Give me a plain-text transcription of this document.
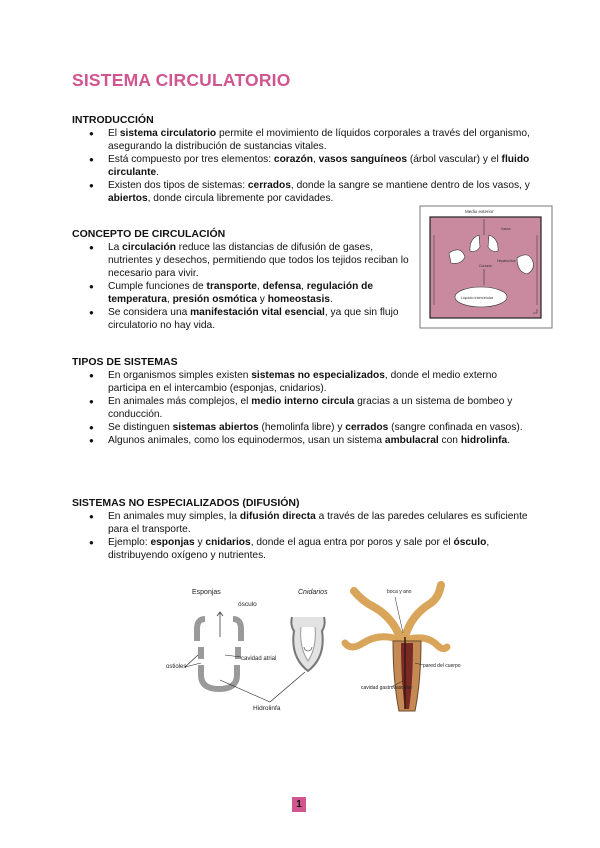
SISTEMA CIRCULATORIO
INTRODUCCIÓN
● El sistema circulatorio permite el movimiento de líquidos corporales a través del organismo, asegurando la distribución de sustancias vitales.
● Está compuesto por tres elementos: corazón, vasos sanguíneos (árbol vascular) y el fluido circulante.
● Existen dos tipos de sistemas: cerrados, donde la sangre se mantiene dentro de los vasos, y abiertos, donde circula libremente por cavidades.
CONCEPTO DE CIRCULACIÓN
● La circulación reduce las distancias de difusión de gases, nutrientes y desechos, permitiendo que todos los tejidos reciban lo necesario para vivir.
● Cumple funciones de transporte, defensa, regulación de temperatura, presión osmótica y homeostasis.
● Se considera una manifestación vital esencial, ya que sin flujo circulatorio no hay vida.
Medio exterior
Vasos
Hepatocitos
Corazón
Líquido intercelular
TIPOS DE SISTEMAS
● En organismos simples existen sistemas no especializados, donde el medio externo participa en el intercambio (esponjas, cnidarios).
● En animales más complejos, el medio interno circula gracias a un sistema de bombeo y conducción.
● Se distinguen sistemas abiertos (hemolinfa libre) y cerrados (sangre confinada en vasos).
● Algunos animales, como los equinodermos, usan un sistema ambulacral con hidrolinfa.
SISTEMAS NO ESPECIALIZADOS (DIFUSIÓN)
● En animales muy simples, la difusión directa a través de las paredes celulares es suficiente para el transporte.
● Ejemplo: esponjas y cnidarios, donde el agua entra por poros y sale por el ósculo, distribuyendo oxígeno y nutrientes.
Esponjas	Cnidarios
ósculo
ostioles
cavidad atrial
Hidrolinfa
boca y ano
pared del cuerpo
cavidad gastrovascular
1
